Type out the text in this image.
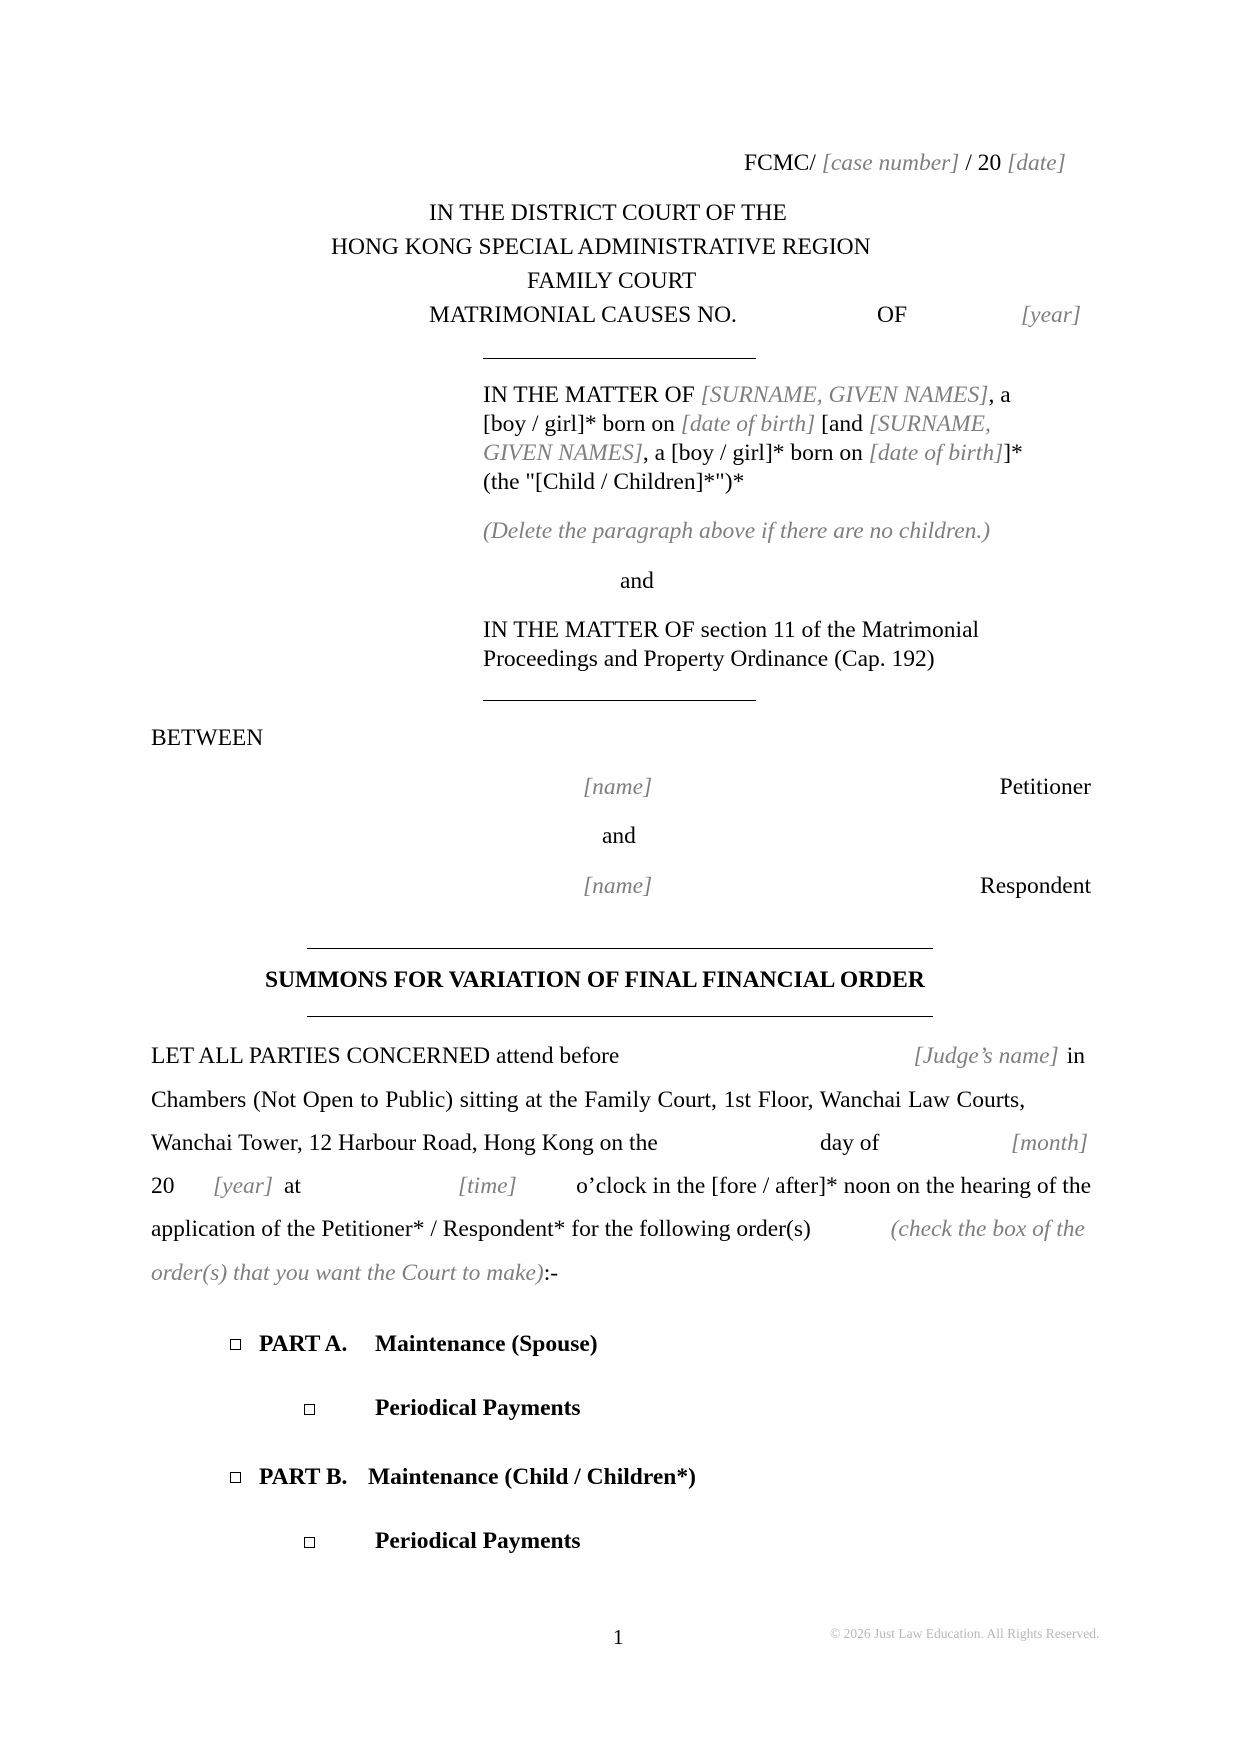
FCMC/ [case number] / 20 [date]
IN THE DISTRICT COURT OF THE
HONG KONG SPECIAL ADMINISTRATIVE REGION
FAMILY COURT
MATRIMONIAL CAUSES NO.	OF	[year]
IN THE MATTER OF [SURNAME, GIVEN NAMES], a
[boy / girl]* born on [date of birth] [and [SURNAME,
GIVEN NAMES], a [boy / girl]* born on [date of birth]]*
(the "[Child / Children]*")*
(Delete the paragraph above if there are no children.)
and
IN THE MATTER OF section 11 of the Matrimonial
Proceedings and Property Ordinance (Cap. 192)
BETWEEN
[name]	Petitioner
and
[name]	Respondent
SUMMONS FOR VARIATION OF FINAL FINANCIAL ORDER
LET ALL PARTIES CONCERNED attend before	[Judge’s name] in
Chambers (Not Open to Public) sitting at the Family Court, 1st Floor, Wanchai Law Courts,
Wanchai Tower, 12 Harbour Road, Hong Kong on the	day of	[month]
20 [year] at	[time]	o’clock in the [fore / after]* noon on the hearing of the
application of the Petitioner* / Respondent* for the following order(s)	(check the box of the
order(s) that you want the Court to make):-
PART A. Maintenance (Spouse)
Periodical Payments
PART B. Maintenance (Child / Children*)
Periodical Payments
1	© 2026 Just Law Education. All Rights Reserved.
